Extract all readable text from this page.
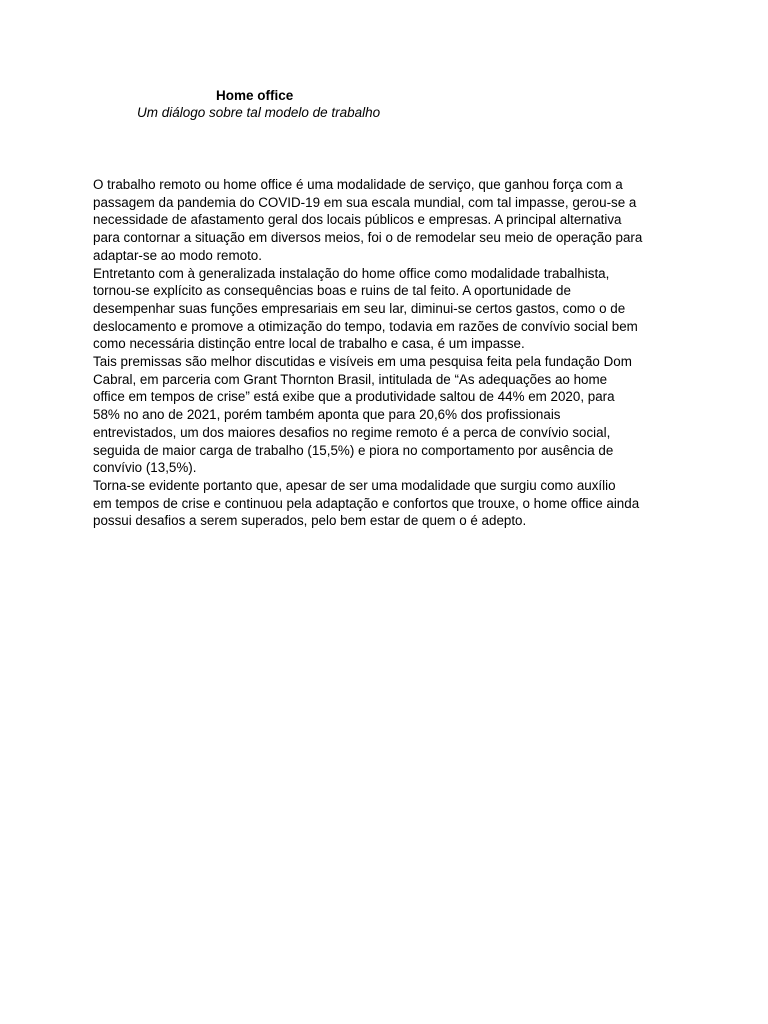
Home office
Um diálogo sobre tal modelo de trabalho

O trabalho remoto ou home office é uma modalidade de serviço, que ganhou força com a
passagem da pandemia do COVID-19 em sua escala mundial, com tal impasse, gerou-se a
necessidade de afastamento geral dos locais públicos e empresas. A principal alternativa
para contornar a situação em diversos meios, foi o de remodelar seu meio de operação para
adaptar-se ao modo remoto.

Entretanto com à generalizada instalação do home office como modalidade trabalhista,
tornou-se explícito as consequências boas e ruins de tal feito. A oportunidade de
desempenhar suas funções empresariais em seu lar, diminui-se certos gastos, como o de
deslocamento e promove a otimização do tempo, todavia em razões de convívio social bem
como necessária distinção entre local de trabalho e casa, é um impasse.

Tais premissas são melhor discutidas e visíveis em uma pesquisa feita pela fundação Dom
Cabral, em parceria com Grant Thornton Brasil, intitulada de “As adequações ao home
office em tempos de crise” está exibe que a produtividade saltou de 44% em 2020, para
58% no ano de 2021, porém também aponta que para 20,6% dos profissionais
entrevistados, um dos maiores desafios no regime remoto é a perca de convívio social,
seguida de maior carga de trabalho (15,5%) e piora no comportamento por ausência de
convívio (13,5%).

Torna-se evidente portanto que, apesar de ser uma modalidade que surgiu como auxílio
em tempos de crise e continuou pela adaptação e confortos que trouxe, o home office ainda
possui desafios a serem superados, pelo bem estar de quem o é adepto.
